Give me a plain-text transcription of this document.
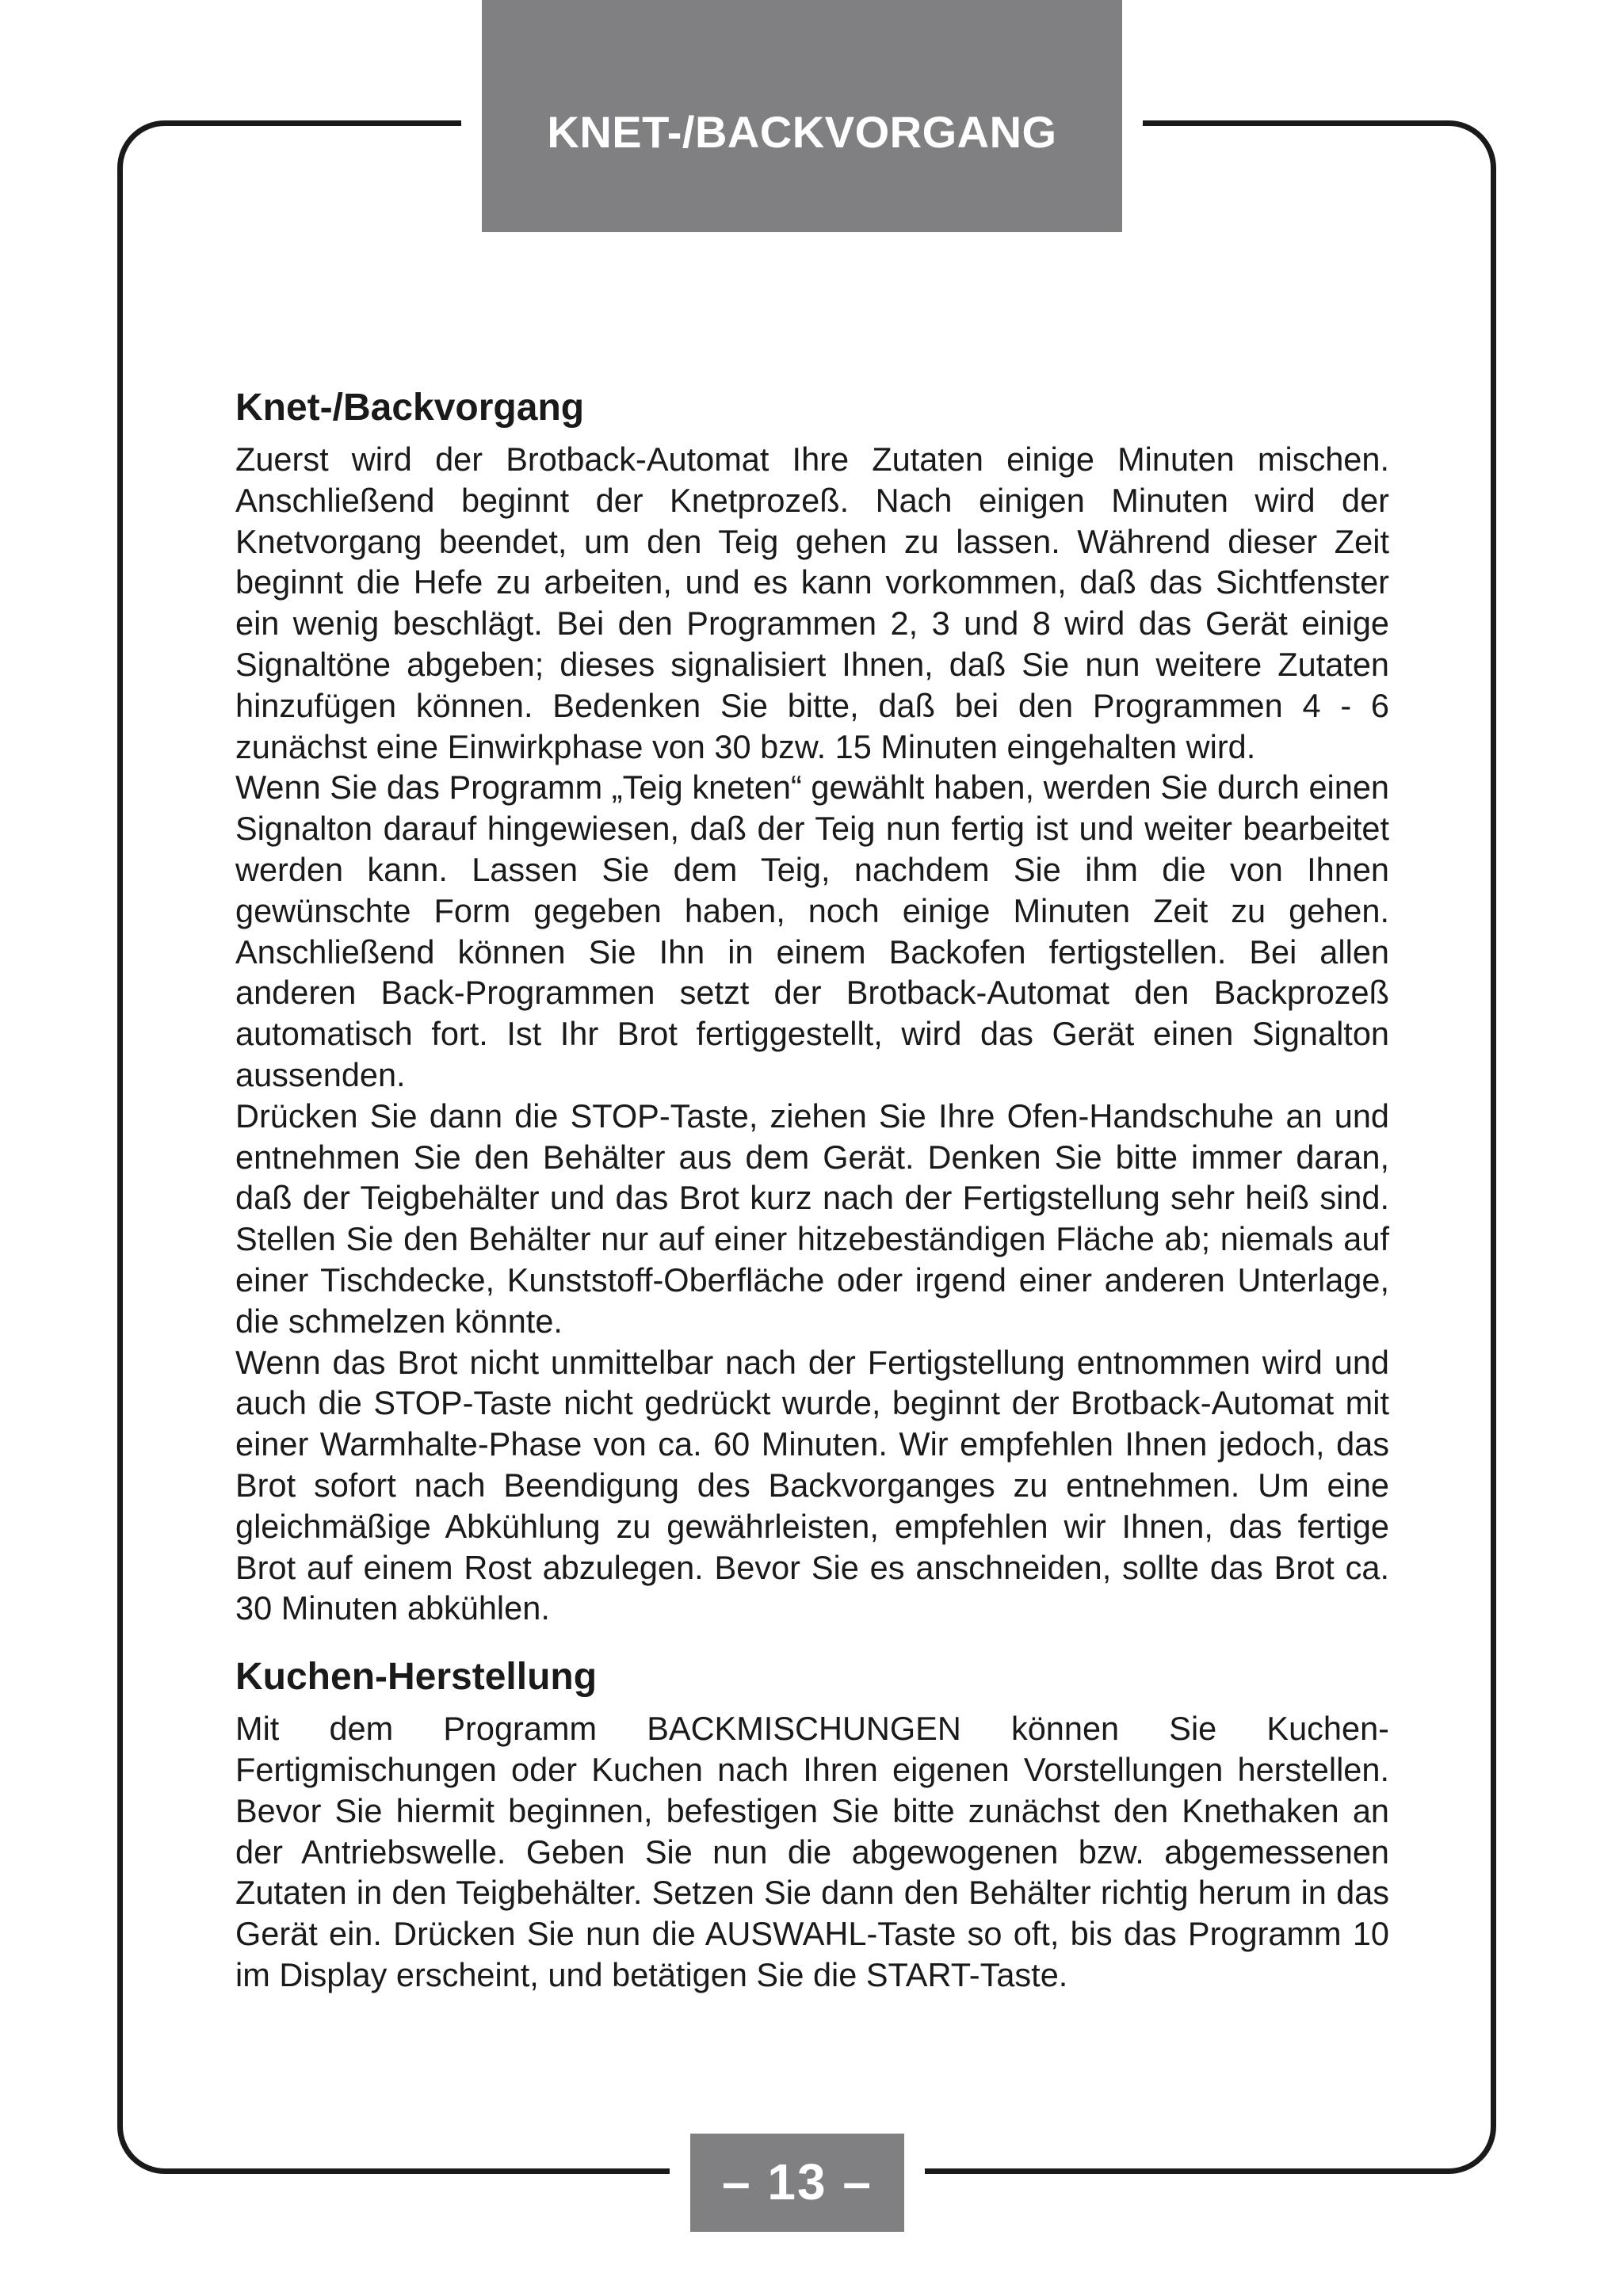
KNET-/BACKVORGANG
Knet-/Backvorgang

Zuerst wird der Brotback-Automat Ihre Zutaten einige Minuten mischen. Anschließend beginnt der Knetprozeß. Nach einigen Minuten wird der Knetvorgang beendet, um den Teig gehen zu lassen. Während dieser Zeit beginnt die Hefe zu arbeiten, und es kann vorkommen, daß das Sichtfenster ein wenig beschlägt. Bei den Programmen 2, 3 und 8 wird das Gerät einige Signaltöne abgeben; dieses signalisiert Ihnen, daß Sie nun weitere Zutaten hinzufügen können. Bedenken Sie bitte, daß bei den Programmen 4 - 6 zunächst eine Einwirkphase von 30 bzw. 15 Minuten eingehalten wird.

Wenn Sie das Programm „Teig kneten“ gewählt haben, werden Sie durch einen Signalton darauf hingewiesen, daß der Teig nun fertig ist und weiter bearbeitet werden kann. Lassen Sie dem Teig, nachdem Sie ihm die von Ihnen gewünschte Form gegeben haben, noch einige Minuten Zeit zu gehen. Anschließend können Sie Ihn in einem Backofen fertigstellen. Bei allen anderen Back-Programmen setzt der Brotback-Automat den Backprozeß automatisch fort. Ist Ihr Brot fertiggestellt, wird das Gerät einen Signalton aussenden.

Drücken Sie dann die STOP-Taste, ziehen Sie Ihre Ofen-Handschuhe an und entnehmen Sie den Behälter aus dem Gerät. Denken Sie bitte immer daran, daß der Teigbehälter und das Brot kurz nach der Fertigstellung sehr heiß sind. Stellen Sie den Behälter nur auf einer hitzebeständigen Fläche ab; niemals auf einer Tischdecke, Kunststoff-Oberfläche oder irgend einer anderen Unterlage, die schmelzen könnte.

Wenn das Brot nicht unmittelbar nach der Fertigstellung entnommen wird und auch die STOP-Taste nicht gedrückt wurde, beginnt der Brotback-Automat mit einer Warmhalte-Phase von ca. 60 Minuten. Wir empfehlen Ihnen jedoch, das Brot sofort nach Beendigung des Backvorganges zu entnehmen. Um eine gleichmäßige Abkühlung zu gewährleisten, empfehlen wir Ihnen, das fertige Brot auf einem Rost abzulegen. Bevor Sie es anschneiden, sollte das Brot ca. 30 Minuten abkühlen.

Kuchen-Herstellung

Mit dem Programm BACKMISCHUNGEN können Sie Kuchen-Fertigmischungen oder Kuchen nach Ihren eigenen Vorstellungen herstellen. Bevor Sie hiermit beginnen, befestigen Sie bitte zunächst den Knethaken an der Antriebswelle. Geben Sie nun die abgewogenen bzw. abgemessenen Zutaten in den Teigbehälter. Setzen Sie dann den Behälter richtig herum in das Gerät ein. Drücken Sie nun die AUSWAHL-Taste so oft, bis das Programm 10 im Display erscheint, und betätigen Sie die START-Taste.

– 13 –
